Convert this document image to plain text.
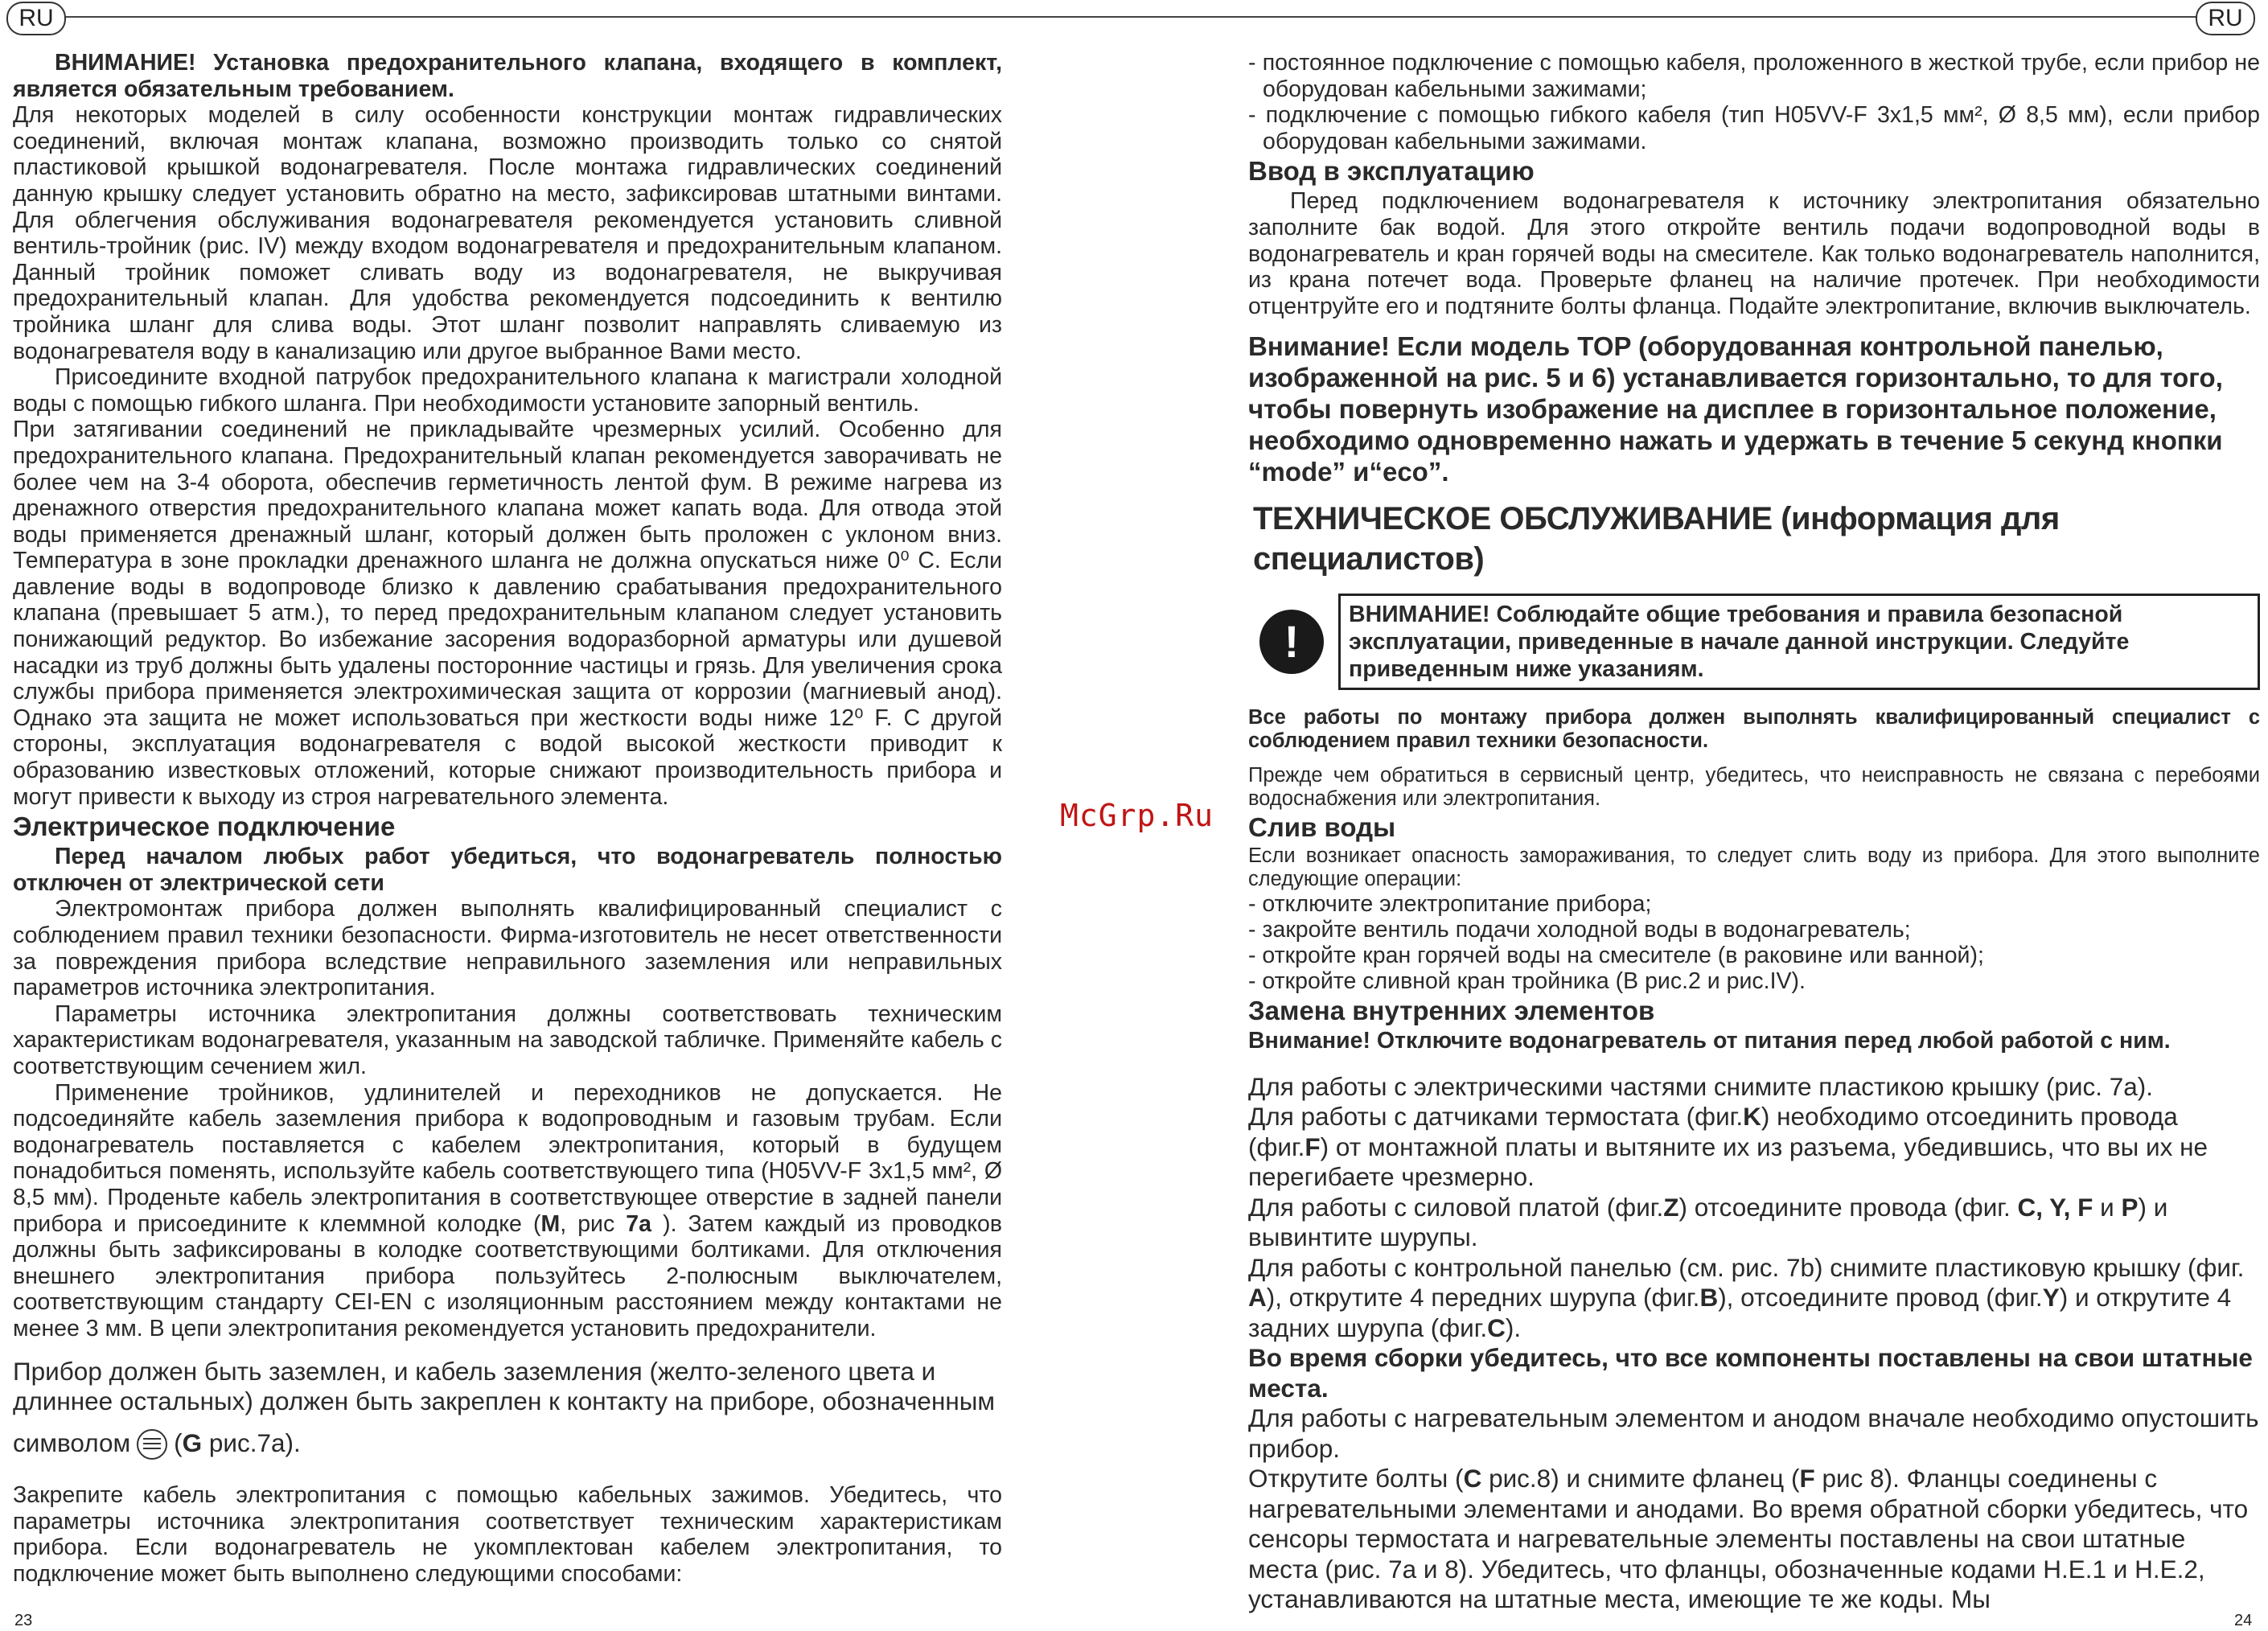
RU	RU
McGrp.Ru

ВНИМАНИЕ! Установка предохранительного клапана, входящего в комплект, является обязательным требованием.

Для некоторых моделей в силу особенности конструкции монтаж гидравлических соединений, включая монтаж клапана, возможно производить только со снятой пластиковой крышкой водонагревателя. После монтажа гидравлических соединений данную крышку следует установить обратно на место, зафиксировав штатными винтами. Для облегчения обслуживания водонагревателя рекомендуется установить сливной вентиль-тройник (рис. IV) между входом водонагревателя и предохранительным клапаном. Данный тройник поможет сливать воду из водонагревателя, не выкручивая предохранительный клапан. Для удобства рекомендуется подсоединить к вентилю тройника шланг для слива воды. Этот шланг позволит направлять сливаемую из водонагревателя воду в канализацию или другое выбранное Вами место.

Присоедините входной патрубок предохранительного клапана к магистрали холодной воды с помощью гибкого шланга. При необходимости установите запорный вентиль.

При затягивании соединений не прикладывайте чрезмерных усилий. Особенно для предохранительного клапана. Предохранительный клапан рекомендуется заворачивать не более чем на 3-4 оборота, обеспечив герметичность лентой фум. В режиме нагрева из дренажного отверстия предохранительного клапана может капать вода. Для отвода этой воды применяется дренажный шланг, который должен быть проложен с уклоном вниз. Температура в зоне прокладки дренажного шланга не должна опускаться ниже 0⁰ С. Если давление воды в водопроводе близко к давлению срабатывания предохранительного клапана (превышает 5 атм.), то перед предохранительным клапаном следует установить понижающий редуктор. Во избежание засорения водоразборной арматуры или душевой насадки из труб должны быть удалены посторонние частицы и грязь. Для увеличения срока службы прибора применяется электрохимическая защита от коррозии (магниевый анод). Однако эта защита не может использоваться при жесткости воды ниже 12⁰ F. С другой стороны, эксплуатация водонагревателя с водой высокой жесткости приводит к образованию известковых отложений, которые снижают производительность прибора и могут привести к выходу из строя нагревательного элемента.

Электрическое подключение

Перед началом любых работ убедиться, что водонагреватель полностью отключен от электрической сети

Электромонтаж прибора должен выполнять квалифицированный специалист с соблюдением правил техники безопасности. Фирма-изготовитель не несет ответственности за повреждения прибора вследствие неправильного заземления или неправильных параметров источника электропитания.

Параметры источника электропитания должны соответствовать техническим характеристикам водонагревателя, указанным на заводской табличке. Применяйте кабель с соответствующим сечением жил.

Применение тройников, удлинителей и переходников не допускается. Не подсоединяйте кабель заземления прибора к водопроводным и газовым трубам. Если водонагреватель поставляется с кабелем электропитания, который в будущем понадобиться поменять, используйте кабель соответствующего типа (H05VV-F 3х1,5 мм², Ø 8,5 мм). Проденьте кабель электропитания в соответствующее отверстие в задней панели прибора и присоедините к клеммной колодке (M, рис 7a ). Затем каждый из проводков должны быть зафиксированы в колодке соответствующими болтиками. Для отключения внешнего электропитания прибора пользуйтесь 2-полюсным выключателем, соответствующим стандарту CEI-EN с изоляционным расстоянием между контактами не менее 3 мм. В цепи электропитания рекомендуется установить предохранители.

Прибор должен быть заземлен, и кабель заземления (желто-зеленого цвета и длиннее остальных) должен быть закреплен к контакту на приборе, обозначенным

символом (G рис.7а).

Закрепите кабель электропитания с помощью кабельных зажимов. Убедитесь, что параметры источника электропитания соответствует техническим характеристикам прибора. Если водонагреватель не укомплектован кабелем электропитания, то подключение может быть выполнено следующими способами:

23

- постоянное подключение с помощью кабеля, проложенного в жесткой трубе, если прибор не оборудован кабельными зажимами;

- подключение с помощью гибкого кабеля (тип H05VV-F 3х1,5 мм², Ø 8,5 мм), если прибор оборудован кабельными зажимами.

Ввод в эксплуатацию

Перед подключением водонагревателя к источнику электропитания обязательно заполните бак водой. Для этого откройте вентиль подачи водопроводной воды в водонагреватель и кран горячей воды на смесителе. Как только водонагреватель наполнится, из крана потечет вода. Проверьте фланец на наличие протечек. При необходимости отцентруйте его и подтяните болты фланца. Подайте электропитание, включив выключатель.

Внимание! Если модель TOP (оборудованная контрольной панелью, изображенной на рис. 5 и 6) устанавливается горизонтально, то для того, чтобы повернуть изображение на дисплее в горизонтальное положение, необходимо одновременно нажать и удержать в течение 5 секунд кнопки “mode” и“eco”.

ТЕХНИЧЕСКОЕ ОБСЛУЖИВАНИЕ (информация для специалистов)
!
ВНИМАНИЕ! Соблюдайте общие требования и правила безопасной эксплуатации, приведенные в начале данной инструкции. Следуйте приведенным ниже указаниям.

Все работы по монтажу прибора должен выполнять квалифицированный специалист с соблюдением правил техники безопасности.

Прежде чем обратиться в сервисный центр, убедитесь, что неисправность не связана с перебоями водоснабжения или электропитания.

Слив воды

Если возникает опасность замораживания, то следует слить воду из прибора. Для этого выполните следующие операции:

- отключите электропитание прибора;

- закройте вентиль подачи холодной воды в водонагреватель;

- откройте кран горячей воды на смесителе (в раковине или ванной);

- откройте сливной кран тройника (В рис.2 и рис.IV).

Замена внутренних элементов

Внимание! Отключите водонагреватель от питания перед любой работой с ним.

Для работы с электрическими частями снимите пластикою крышку (рис. 7а).

Для работы с датчиками термостата (фиг.K) необходимо отсоединить провода (фиг.F) от монтажной платы и вытяните их из разъема, убедившись, что вы их не перегибаете чрезмерно.

Для работы с силовой платой (фиг.Z) отсоедините провода (фиг. C, Y, F и P) и вывинтите шурупы.

Для работы с контрольной панелью (см. рис. 7b) снимите пластиковую крышку (фиг. A), открутите 4 передних шурупа (фиг.B), отсоедините провод (фиг.Y) и открутите 4 задних шурупа (фиг.C).

Во время сборки убедитесь, что все компоненты поставлены на свои штатные места.

Для работы с нагревательным элементом и анодом вначале необходимо опустошить прибор.

Открутите болты (C рис.8) и снимите фланец (F рис 8). Фланцы соединены с нагревательными элементами и анодами. Во время обратной сборки убедитесь, что сенсоры термостата и нагревательные элементы поставлены на свои штатные места (рис. 7а и 8). Убедитесь, что фланцы, обозначенные кодами H.E.1 и H.E.2, устанавливаются на штатные места, имеющие те же коды. Мы

24
